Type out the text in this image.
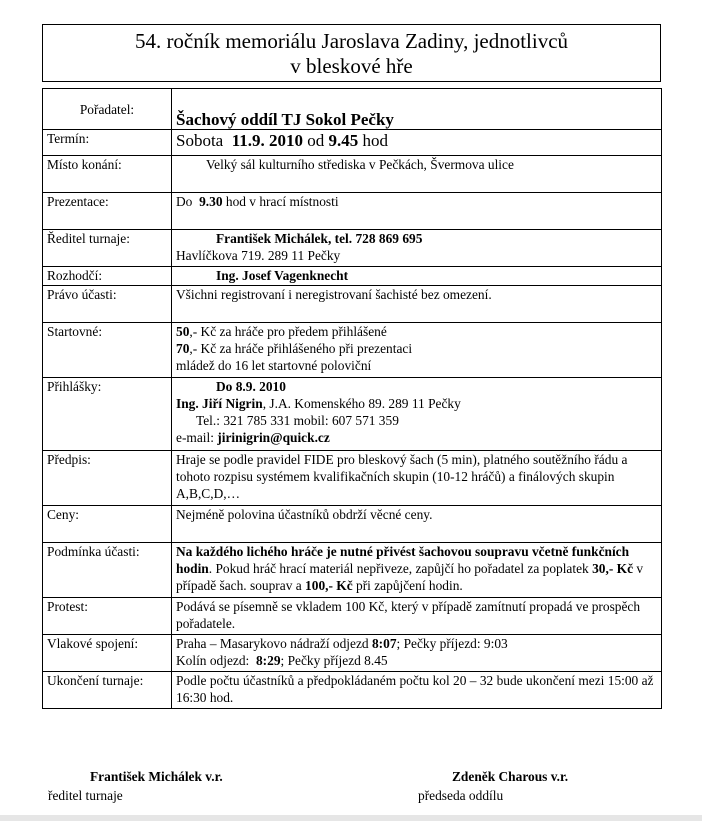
54. ročník memoriálu Jaroslava Zadiny, jednotlivců
v bleskové hře
Pořadatel:	Šachový oddíl TJ Sokol Pečky
Termín:	Sobota 11.9. 2010 od 9.45 hod
Místo konání:	Velký sál kulturního střediska v Pečkách, Švermova ulice

Prezentace:	Do 9.30 hod v hrací místnosti
Ředitel turnaje:	František Michálek, tel. 728 869 695
Havlíčkova 719. 289 11 Pečky

Rozhodčí:	Ing. Josef Vagenknecht

Právo účasti:	Všichni registrovaní i neregistrovaní šachisté bez omezení.
Startovné:	50,- Kč za hráče pro předem přihlášené
70,- Kč za hráče přihlášeného při prezentaci
mládež do 16 let startovné poloviční

Přihlášky:	Do 8.9. 2010
Ing. Jiří Nigrin, J.A. Komenského 89. 289 11 Pečky
Tel.: 321 785 331 mobil: 607 571 359
e-mail: jirinigrin@quick.cz

Předpis:	Hraje se podle pravidel FIDE pro bleskový šach (5 min), platného soutěžního řádu a tohoto rozpisu systémem kvalifikačních skupin (10-12 hráčů) a finálových skupin A,B,C,D,…
Ceny:	Nejméně polovina účastníků obdrží věcné ceny.
Podmínka účasti:	Na každého lichého hráče je nutné přivést šachovou soupravu včetně funkčních hodin. Pokud hráč hrací materiál nepřiveze, zapůjčí ho pořadatel za poplatek 30,- Kč v případě šach. souprav a 100,- Kč při zapůjčení hodin.
Protest:	Podává se písemně se vkladem 100 Kč, který v případě zamítnutí propadá ve prospěch pořadatele.
Vlakové spojení:	Praha – Masarykovo nádraží odjezd 8:07; Pečky příjezd: 9:03
Kolín odjezd: 8:29; Pečky příjezd 8.45

Ukončení turnaje:	Podle počtu účastníků a předpokládaném počtu kol 20 – 32 bude ukončení mezi 15:00 až 16:30 hod.
František Michálek v.r.
ředitel turnaje
Zdeněk Charous v.r.
předseda oddílu
